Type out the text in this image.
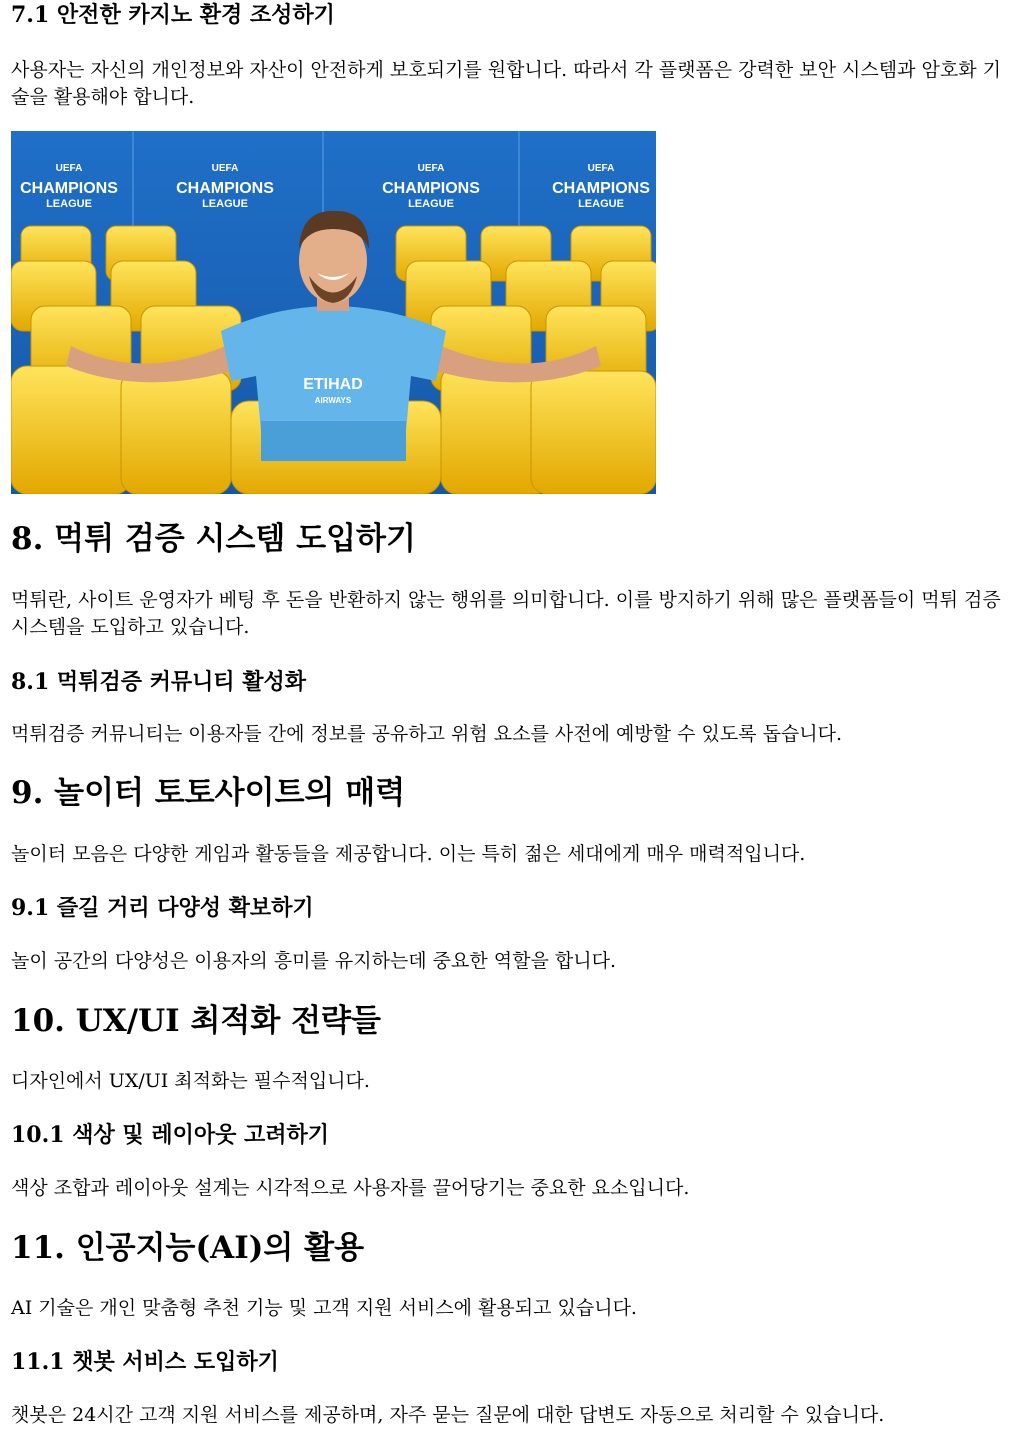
7.1 안전한 카지노 환경 조성하기

사용자는 자신의 개인정보와 자산이 안전하게 보호되기를 원합니다. 따라서 각 플랫폼은 강력한 보안 시스템과 암호화 기술을 활용해야 합니다.

UEFA
CHAMPIONS
LEAGUE
UEFA
CHAMPIONS
LEAGUE
UEFA
CHAMPIONS
LEAGUE
UEFA
CHAMPIONS
LEAGUE
ETIHAD
AIRWAYS
8. 먹튀 검증 시스템 도입하기

먹튀란, 사이트 운영자가 베팅 후 돈을 반환하지 않는 행위를 의미합니다. 이를 방지하기 위해 많은 플랫폼들이 먹튀 검증 시스템을 도입하고 있습니다.

8.1 먹튀검증 커뮤니티 활성화

먹튀검증 커뮤니티는 이용자들 간에 정보를 공유하고 위험 요소를 사전에 예방할 수 있도록 돕습니다.

9. 놀이터 토토사이트의 매력

놀이터 모음은 다양한 게임과 활동들을 제공합니다. 이는 특히 젊은 세대에게 매우 매력적입니다.

9.1 즐길 거리 다양성 확보하기

놀이 공간의 다양성은 이용자의 흥미를 유지하는데 중요한 역할을 합니다.

10. UX/UI 최적화 전략들

디자인에서 UX/UI 최적화는 필수적입니다.

10.1 색상 및 레이아웃 고려하기

색상 조합과 레이아웃 설계는 시각적으로 사용자를 끌어당기는 중요한 요소입니다.

11. 인공지능(AI)의 활용

AI 기술은 개인 맞춤형 추천 기능 및 고객 지원 서비스에 활용되고 있습니다.

11.1 챗봇 서비스 도입하기

챗봇은 24시간 고객 지원 서비스를 제공하며, 자주 묻는 질문에 대한 답변도 자동으로 처리할 수 있습니다.
